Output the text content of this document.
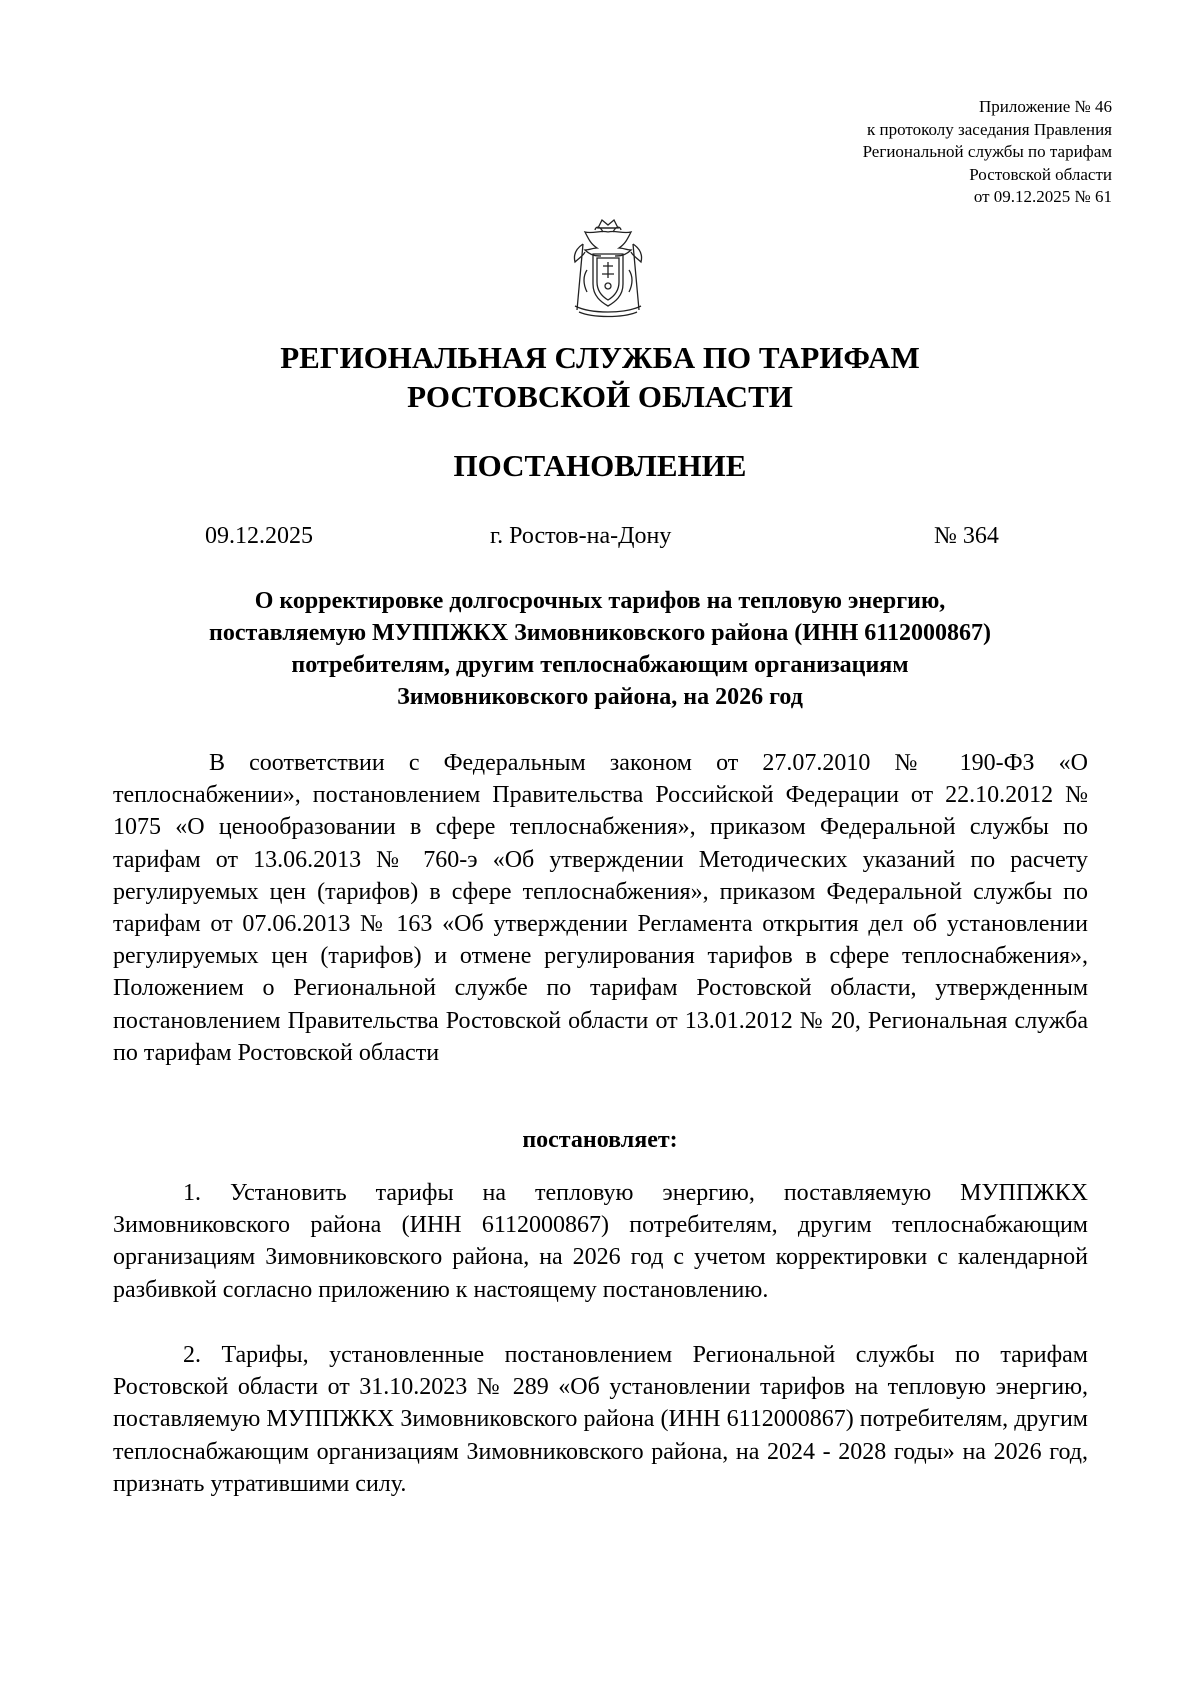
Приложение № 46
к протоколу заседания Правления
Региональной службы по тарифам
Ростовской области
от 09.12.2025 № 61
РЕГИОНАЛЬНАЯ СЛУЖБА ПО ТАРИФАМ
РОСТОВСКОЙ ОБЛАСТИ
ПОСТАНОВЛЕНИЕ
09.12.2025	г. Ростов-на-Дону	№ 364
О корректировке долгосрочных тарифов на тепловую энергию,
поставляемую МУППЖКХ Зимовниковского района (ИНН 6112000867)
потребителям, другим теплоснабжающим организациям
Зимовниковского района, на 2026 год

В соответствии с Федеральным законом от 27.07.2010 № 190-ФЗ «О теплоснабжении», постановлением Правительства Российской Федерации от 22.10.2012 № 1075 «О ценообразовании в сфере теплоснабжения», приказом Федеральной службы по тарифам от 13.06.2013 № 760-э «Об утверждении Методических указаний по расчету регулируемых цен (тарифов) в сфере теплоснабжения», приказом Федеральной службы по тарифам от 07.06.2013 № 163 «Об утверждении Регламента открытия дел об установлении регулируемых цен (тарифов) и отмене регулирования тарифов в сфере теплоснабжения», Положением о Региональной службе по тарифам Ростовской области, утвержденным постановлением Правительства Ростовской области от 13.01.2012 № 20, Региональная служба по тарифам Ростовской области

постановляет:

1. Установить тарифы на тепловую энергию, поставляемую МУППЖКХ Зимовниковского района (ИНН 6112000867) потребителям, другим теплоснабжающим организациям Зимовниковского района, на 2026 год с учетом корректировки с календарной разбивкой согласно приложению к настоящему постановлению.

2. Тарифы, установленные постановлением Региональной службы по тарифам Ростовской области от 31.10.2023 № 289 «Об установлении тарифов на тепловую энергию, поставляемую МУППЖКХ Зимовниковского района (ИНН 6112000867) потребителям, другим теплоснабжающим организациям Зимовниковского района, на 2024 - 2028 годы» на 2026 год, признать утратившими силу.
